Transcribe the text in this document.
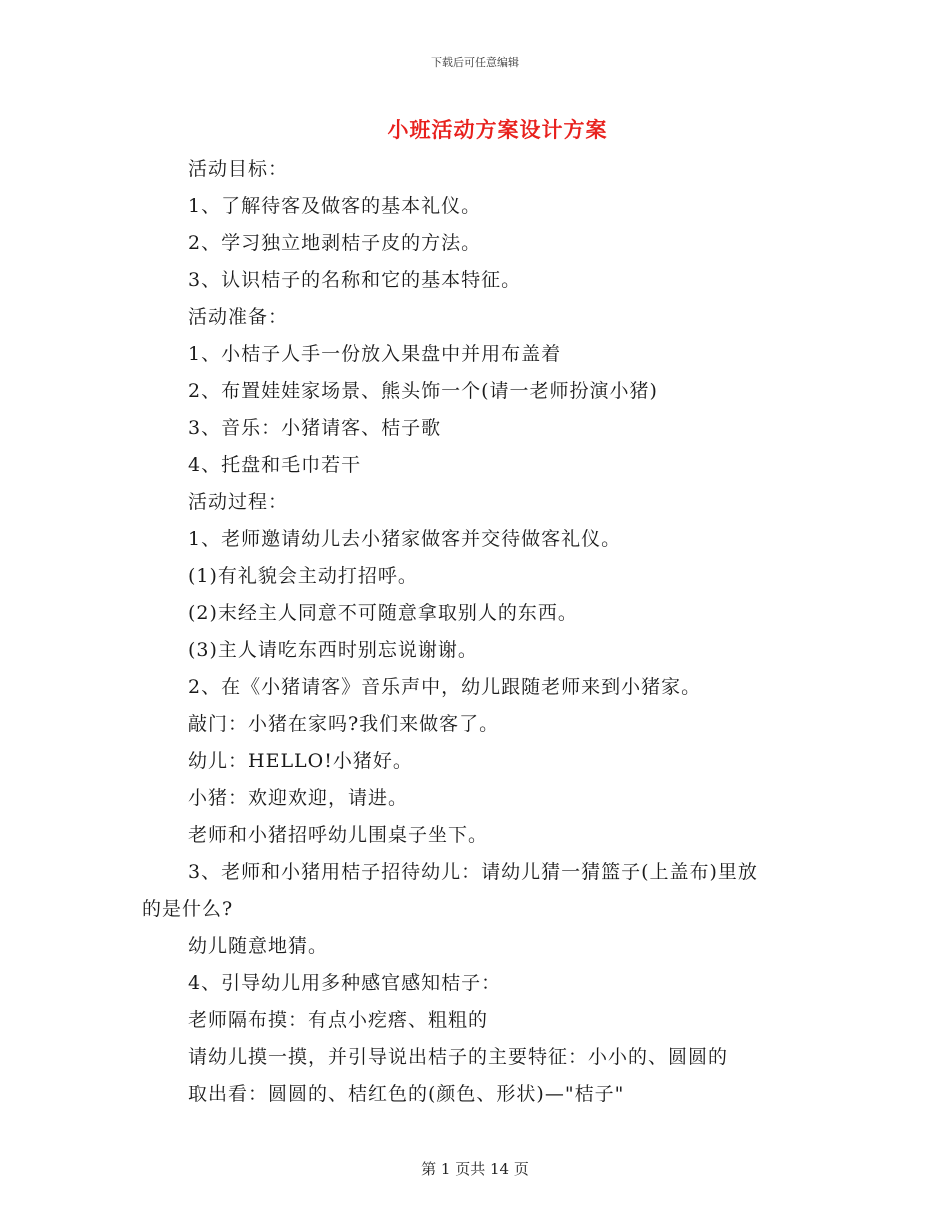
下载后可任意编辑
小班活动方案设计方案
活动目标：
1、了解待客及做客的基本礼仪。
2、学习独立地剥桔子皮的方法。
3、认识桔子的名称和它的基本特征。
活动准备：
1、小桔子人手一份放入果盘中并用布盖着
2、布置娃娃家场景、熊头饰一个(请一老师扮演小猪)
3、音乐：小猪请客、桔子歌
4、托盘和毛巾若干
活动过程：
1、老师邀请幼儿去小猪家做客并交待做客礼仪。
(1)有礼貌会主动打招呼。
(2)末经主人同意不可随意拿取别人的东西。
(3)主人请吃东西时别忘说谢谢。
2、在《小猪请客》音乐声中，幼儿跟随老师来到小猪家。
敲门：小猪在家吗?我们来做客了。
幼儿：HELLO!小猪好。
小猪：欢迎欢迎，请进。
老师和小猪招呼幼儿围桌子坐下。
3、老师和小猪用桔子招待幼儿：请幼儿猜一猜篮子(上盖布)里放
的是什么?
幼儿随意地猜。
4、引导幼儿用多种感官感知桔子：
老师隔布摸：有点小疙瘩、粗粗的
请幼儿摸一摸，并引导说出桔子的主要特征：小小的、圆圆的
取出看：圆圆的、桔红色的(颜色、形状)—"桔子"
第 1 页共 14 页
